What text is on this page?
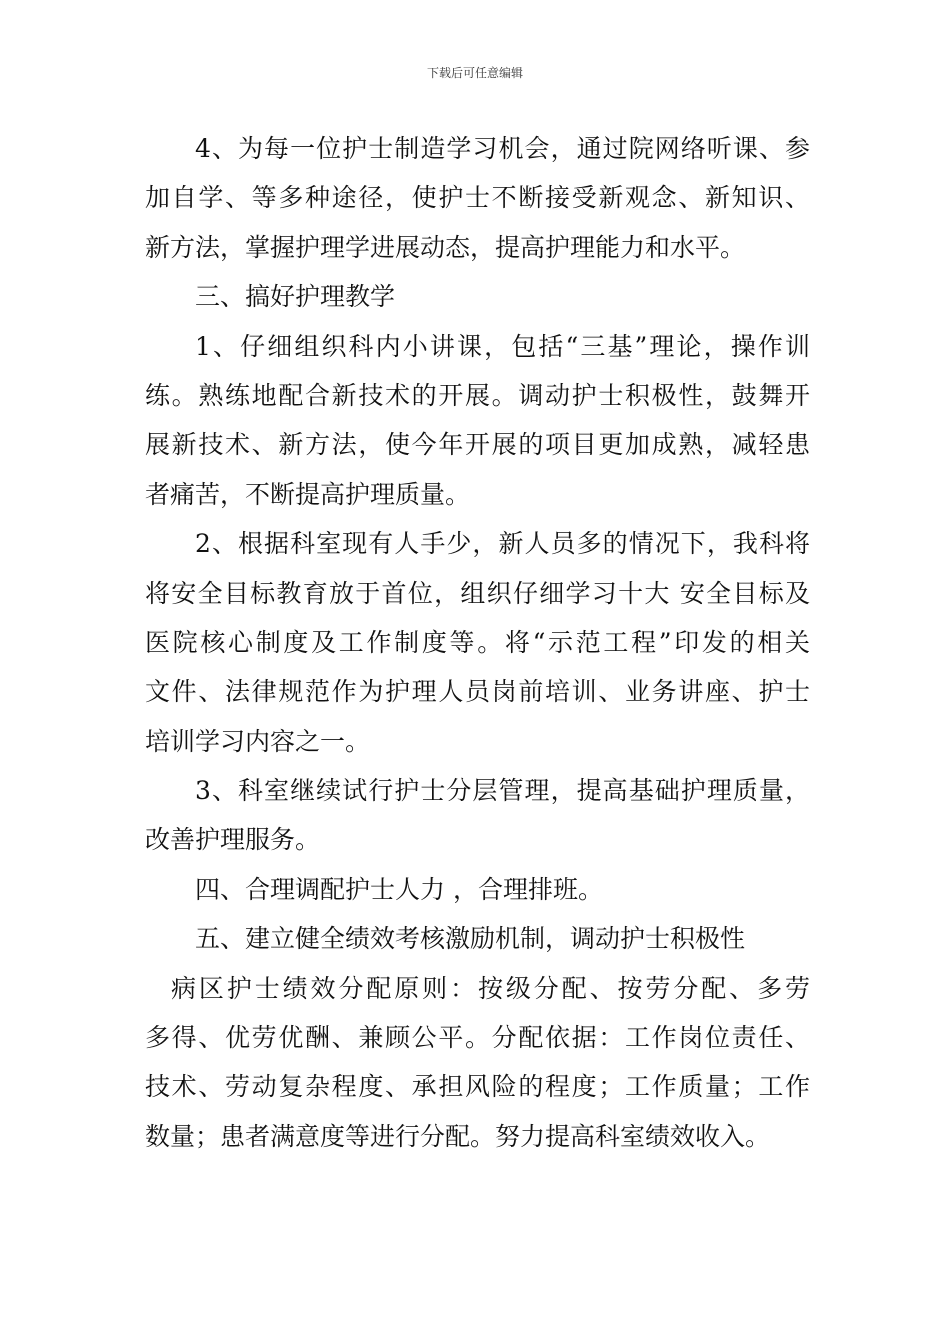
下载后可任意编辑
4、为每一位护士制造学习机会，通过院网络听课、参
加自学、等多种途径，使护士不断接受新观念、新知识、
新方法，掌握护理学进展动态，提高护理能力和水平。
三、搞好护理教学
1、仔细组织科内小讲课，包括“三基”理论，操作训
练。熟练地配合新技术的开展。调动护士积极性，鼓舞开
展新技术、新方法，使今年开展的项目更加成熟，减轻患
者痛苦，不断提高护理质量。
2、根据科室现有人手少，新人员多的情况下，我科将
将安全目标教育放于首位，组织仔细学习十大 安全目标及
医院核心制度及工作制度等。将“示范工程”印发的相关
文件、法律规范作为护理人员岗前培训、业务讲座、护士
培训学习内容之一。
3、科室继续试行护士分层管理，提高基础护理质量，
改善护理服务。
四、合理调配护士人力 ，合理排班。
五、建立健全绩效考核激励机制，调动护士积极性
病区护士绩效分配原则：按级分配、按劳分配、多劳
多得、优劳优酬、兼顾公平。分配依据：工作岗位责任、
技术、劳动复杂程度、承担风险的程度；工作质量；工作
数量；患者满意度等进行分配。努力提高科室绩效收入。
